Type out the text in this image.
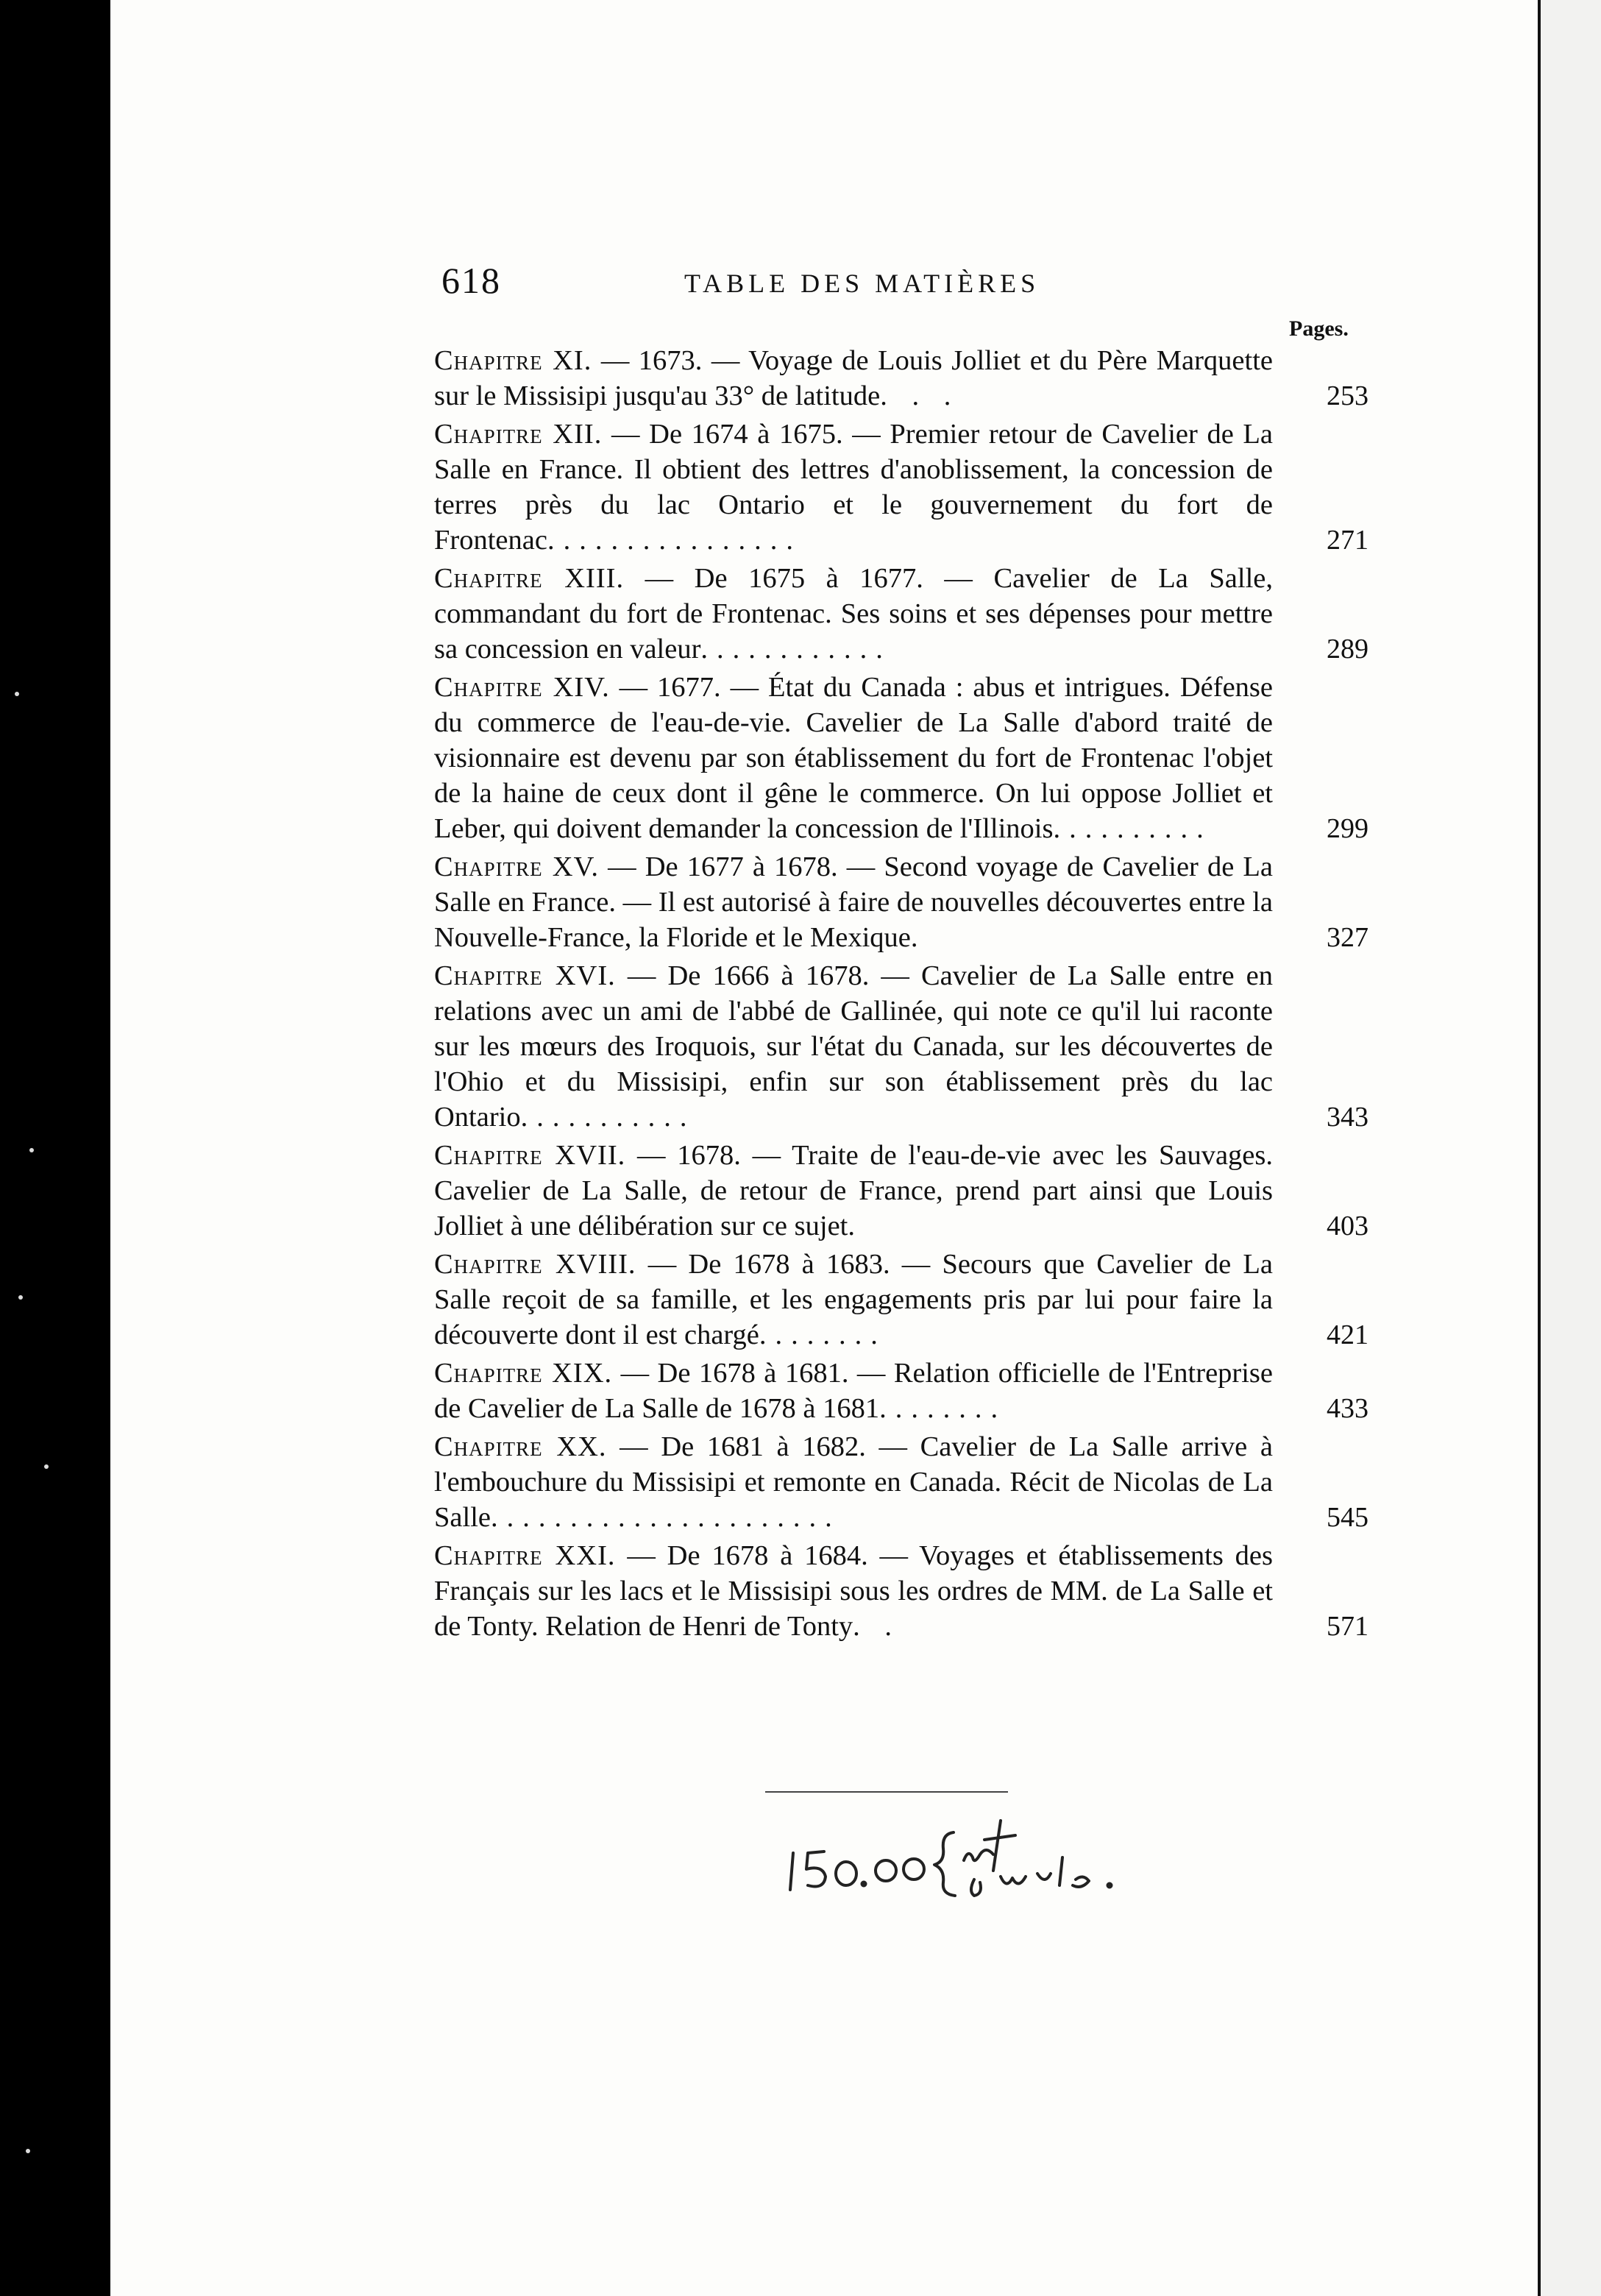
618	TABLE DES MATIÈRES
Pages.
Chapitre XI. — 1673. — Voyage de Louis Jolliet et du Père Marquette sur le Missisipi jusqu'au 33° de latitude. . .	253
Chapitre XII. — De 1674 à 1675. — Premier retour de Cavelier de La Salle en France. Il obtient des lettres d'anoblissement, la concession de terres près du lac Ontario et le gouvernement du fort de Frontenac................	271
Chapitre XIII. — De 1675 à 1677. — Cavelier de La Salle, commandant du fort de Frontenac. Ses soins et ses dépenses pour mettre sa concession en valeur............	289
Chapitre XIV. — 1677. — État du Canada : abus et intrigues. Défense du commerce de l'eau-de-vie. Cavelier de La Salle d'abord traité de visionnaire est devenu par son établissement du fort de Frontenac l'objet de la haine de ceux dont il gêne le commerce. On lui oppose Jolliet et Leber, qui doivent demander la concession de l'Illinois..........	299
Chapitre XV. — De 1677 à 1678. — Second voyage de Cavelier de La Salle en France. — Il est autorisé à faire de nouvelles découvertes entre la Nouvelle-France, la Floride et le Mexique.	327
Chapitre XVI. — De 1666 à 1678. — Cavelier de La Salle entre en relations avec un ami de l'abbé de Gallinée, qui note ce qu'il lui raconte sur les mœurs des Iroquois, sur l'état du Canada, sur les découvertes de l'Ohio et du Missisipi, enfin sur son établissement près du lac Ontario...........	343
Chapitre XVII. — 1678. — Traite de l'eau-de-vie avec les Sauvages. Cavelier de La Salle, de retour de France, prend part ainsi que Louis Jolliet à une délibération sur ce sujet.	403
Chapitre XVIII. — De 1678 à 1683. — Secours que Cavelier de La Salle reçoit de sa famille, et les engagements pris par lui pour faire la découverte dont il est chargé........	421
Chapitre XIX. — De 1678 à 1681. — Relation officielle de l'Entreprise de Cavelier de La Salle de 1678 à 1681........	433
Chapitre XX. — De 1681 à 1682. — Cavelier de La Salle arrive à l'embouchure du Missisipi et remonte en Canada. Récit de Nicolas de La Salle......................	545
Chapitre XXI. — De 1678 à 1684. — Voyages et établissements des Français sur les lacs et le Missisipi sous les ordres de MM. de La Salle et de Tonty. Relation de Henri de Tonty. .	571
